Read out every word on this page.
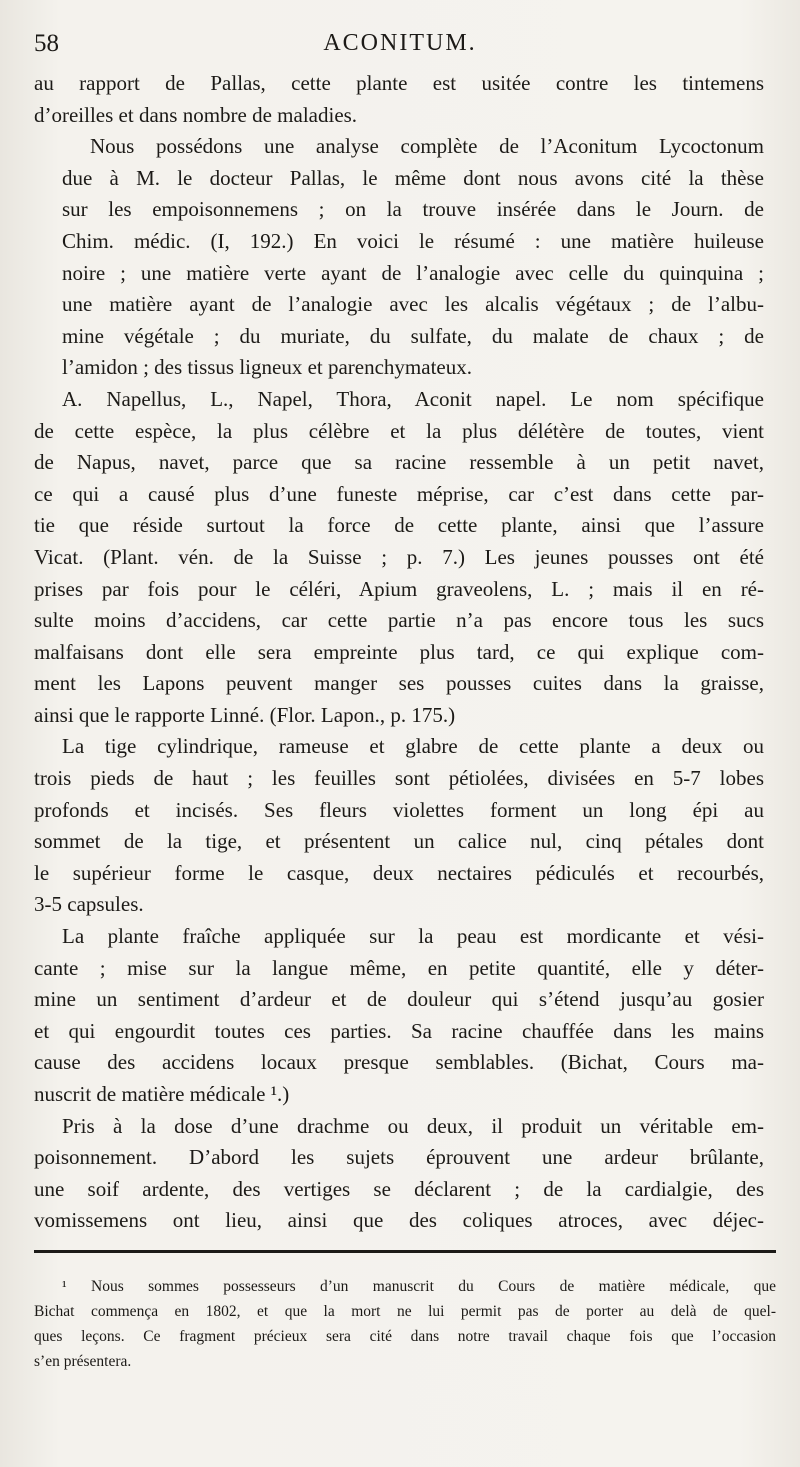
58	ACONITUM.

au rapport de Pallas, cette plante est usitée contre les tintemens
d’oreilles et dans nombre de maladies.

Nous possédons une analyse complète de l’Aconitum Lycoctonum
due à M. le docteur Pallas, le même dont nous avons cité la thèse
sur les empoisonnemens ; on la trouve insérée dans le Journ. de
Chim. médic. (I, 192.) En voici le résumé : une matière huileuse
noire ; une matière verte ayant de l’analogie avec celle du quinquina ;
une matière ayant de l’analogie avec les alcalis végétaux ; de l’albu-
mine végétale ; du muriate, du sulfate, du malate de chaux ; de
l’amidon ; des tissus ligneux et parenchymateux.

A. Napellus, L., Napel, Thora, Aconit napel. Le nom spécifique
de cette espèce, la plus célèbre et la plus délétère de toutes, vient
de Napus, navet, parce que sa racine ressemble à un petit navet,
ce qui a causé plus d’une funeste méprise, car c’est dans cette par-
tie que réside surtout la force de cette plante, ainsi que l’assure
Vicat. (Plant. vén. de la Suisse ; p. 7.) Les jeunes pousses ont été
prises par fois pour le céléri, Apium graveolens, L. ; mais il en ré-
sulte moins d’accidens, car cette partie n’a pas encore tous les sucs
malfaisans dont elle sera empreinte plus tard, ce qui explique com-
ment les Lapons peuvent manger ses pousses cuites dans la graisse,
ainsi que le rapporte Linné. (Flor. Lapon., p. 175.)

La tige cylindrique, rameuse et glabre de cette plante a deux ou
trois pieds de haut ; les feuilles sont pétiolées, divisées en 5-7 lobes
profonds et incisés. Ses fleurs violettes forment un long épi au
sommet de la tige, et présentent un calice nul, cinq pétales dont
le supérieur forme le casque, deux nectaires pédiculés et recourbés,
3-5 capsules.

La plante fraîche appliquée sur la peau est mordicante et vési-
cante ; mise sur la langue même, en petite quantité, elle y déter-
mine un sentiment d’ardeur et de douleur qui s’étend jusqu’au gosier
et qui engourdit toutes ces parties. Sa racine chauffée dans les mains
cause des accidens locaux presque semblables. (Bichat, Cours ma-
nuscrit de matière médicale ¹.)

Pris à la dose d’une drachme ou deux, il produit un véritable em-
poisonnement. D’abord les sujets éprouvent une ardeur brûlante,
une soif ardente, des vertiges se déclarent ; de la cardialgie, des
vomissemens ont lieu, ainsi que des coliques atroces, avec déjec-

¹ Nous sommes possesseurs d’un manuscrit du Cours de matière médicale, que
Bichat commença en 1802, et que la mort ne lui permit pas de porter au delà de quel-
ques leçons. Ce fragment précieux sera cité dans notre travail chaque fois que l’occasion
s’en présentera.
